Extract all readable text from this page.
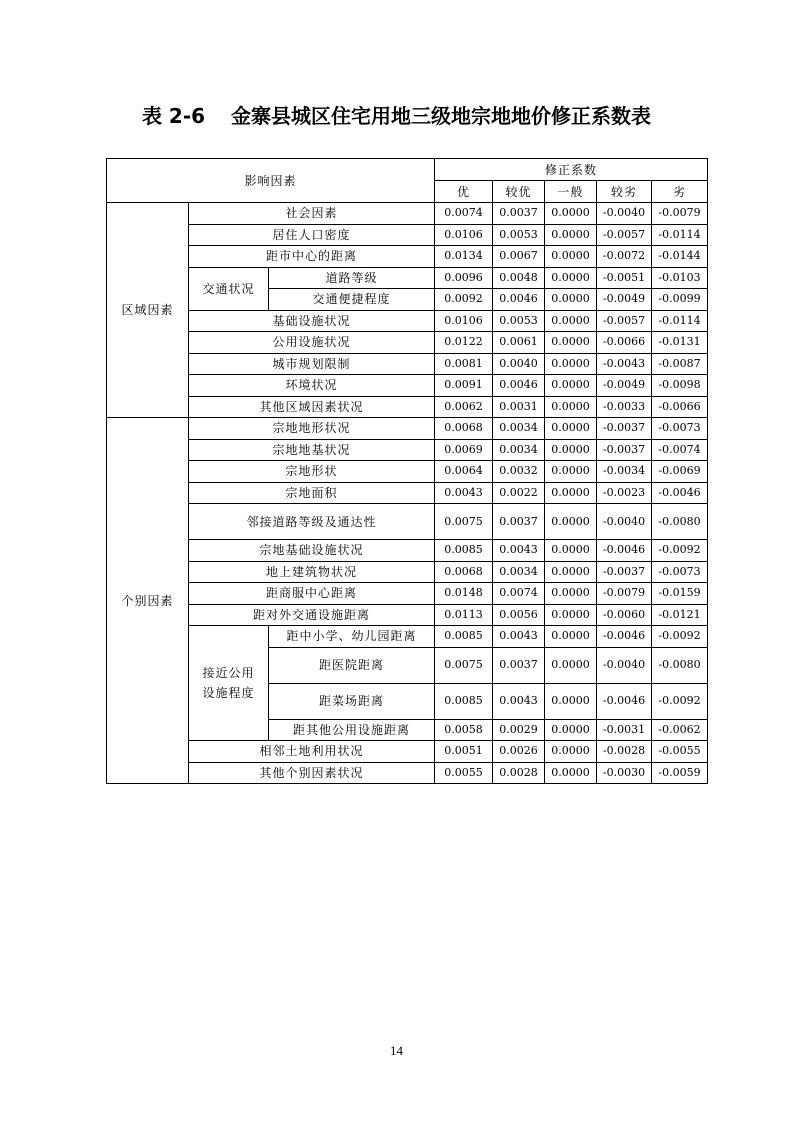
表 2-6 金寨县城区住宅用地三级地宗地地价修正系数表
影响因素			修正系数				
			优	较优	一般	较劣	劣
区域因素	社会因素		0.0074	0.0037	0.0000	-0.0040	-0.0079
	居住人口密度		0.0106	0.0053	0.0000	-0.0057	-0.0114
	距市中心的距离		0.0134	0.0067	0.0000	-0.0072	-0.0144
	交通状况	道路等级	0.0096	0.0048	0.0000	-0.0051	-0.0103
		交通便捷程度	0.0092	0.0046	0.0000	-0.0049	-0.0099
	基础设施状况		0.0106	0.0053	0.0000	-0.0057	-0.0114
	公用设施状况		0.0122	0.0061	0.0000	-0.0066	-0.0131
	城市规划限制		0.0081	0.0040	0.0000	-0.0043	-0.0087
	环境状况		0.0091	0.0046	0.0000	-0.0049	-0.0098
	其他区域因素状况		0.0062	0.0031	0.0000	-0.0033	-0.0066
个别因素	宗地地形状况		0.0068	0.0034	0.0000	-0.0037	-0.0073
	宗地地基状况		0.0069	0.0034	0.0000	-0.0037	-0.0074
	宗地形状		0.0064	0.0032	0.0000	-0.0034	-0.0069
	宗地面积		0.0043	0.0022	0.0000	-0.0023	-0.0046
	邻接道路等级及通达性		0.0075	0.0037	0.0000	-0.0040	-0.0080
	宗地基础设施状况		0.0085	0.0043	0.0000	-0.0046	-0.0092
	地上建筑物状况		0.0068	0.0034	0.0000	-0.0037	-0.0073
	距商服中心距离		0.0148	0.0074	0.0000	-0.0079	-0.0159
	距对外交通设施距离		0.0113	0.0056	0.0000	-0.0060	-0.0121
	接近公用设施程度	距中小学、幼儿园距离	0.0085	0.0043	0.0000	-0.0046	-0.0092
		距医院距离	0.0075	0.0037	0.0000	-0.0040	-0.0080
		距菜场距离	0.0085	0.0043	0.0000	-0.0046	-0.0092
		距其他公用设施距离	0.0058	0.0029	0.0000	-0.0031	-0.0062
	相邻土地利用状况		0.0051	0.0026	0.0000	-0.0028	-0.0055
	其他个别因素状况		0.0055	0.0028	0.0000	-0.0030	-0.0059
14
